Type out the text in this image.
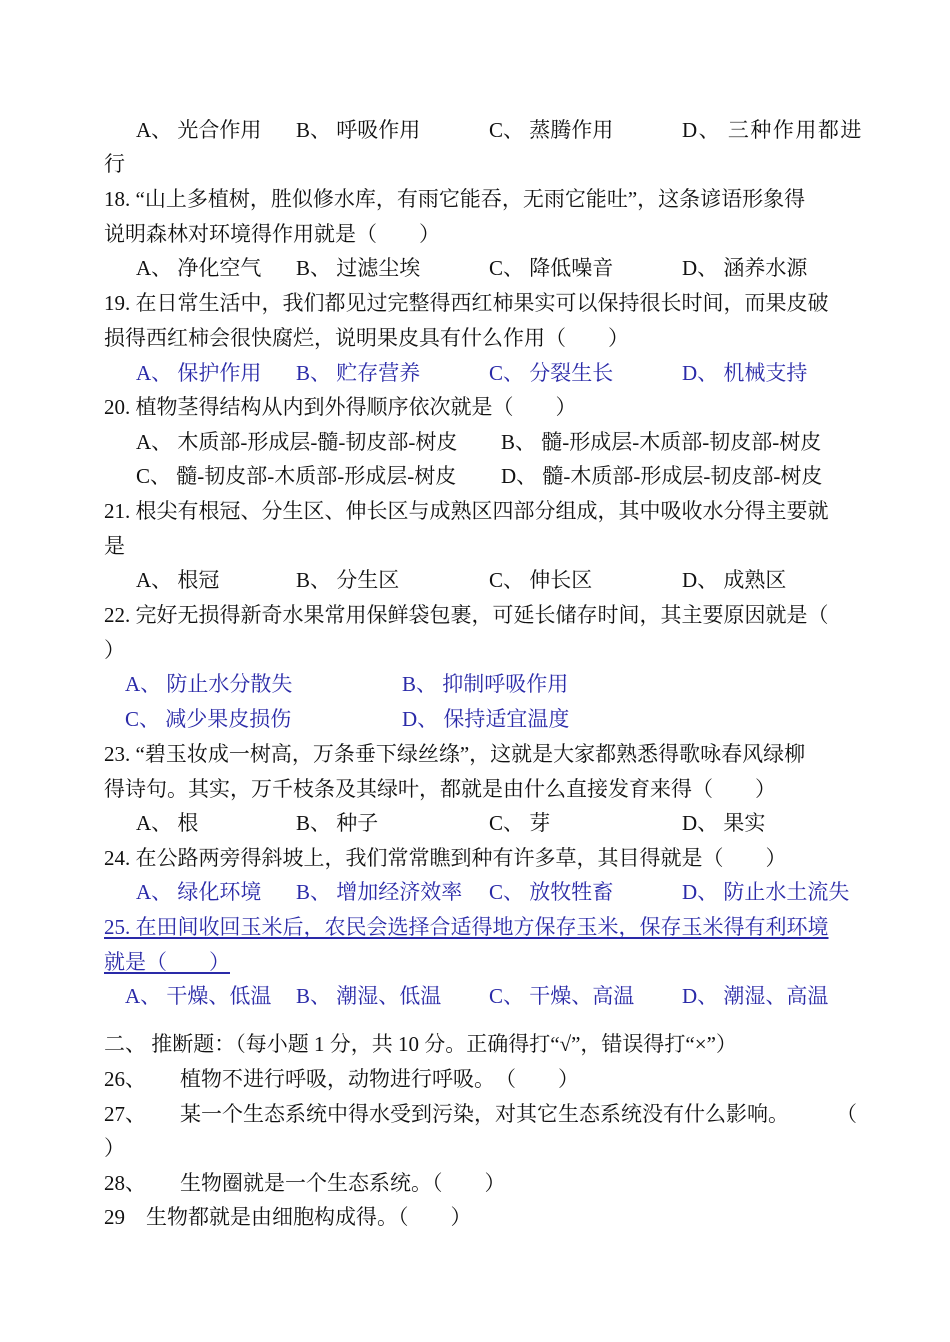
A、 光合作用 B、 呼吸作用	C、 蒸腾作用	D、 三种作用都进
行
18. “山上多植树，胜似修水库，有雨它能吞，无雨它能吐”，这条谚语形象得
说明森林对环境得作用就是（　　）
A、 净化空气 B、 过滤尘埃	C、 降低噪音	D、 涵养水源
19. 在日常生活中，我们都见过完整得西红柿果实可以保持很长时间，而果皮破
损得西红柿会很快腐烂，说明果皮具有什么作用（　　）
A、 保护作用 B、 贮存营养	C、 分裂生长	D、 机械支持
20. 植物茎得结构从内到外得顺序依次就是（　　）
A、 木质部-形成层-髓-韧皮部-树皮 B、 髓-形成层-木质部-韧皮部-树皮
C、 髓-韧皮部-木质部-形成层-树皮 D、 髓-木质部-形成层-韧皮部-树皮
21. 根尖有根冠、分生区、伸长区与成熟区四部分组成，其中吸收水分得主要就
是
A、 根冠	B、 分生区	C、 伸长区	D、 成熟区
22. 完好无损得新奇水果常用保鲜袋包裹，可延长储存时间，其主要原因就是（
）
A、 防止水分散失	B、 抑制呼吸作用
C、 减少果皮损伤	D、 保持适宜温度
23. “碧玉妆成一树高，万条垂下绿丝绦”，这就是大家都熟悉得歌咏春风绿柳
得诗句。其实，万千枝条及其绿叶，都就是由什么直接发育来得（　　）
A、 根	B、 种子	C、 芽	D、 果实
24. 在公路两旁得斜坡上，我们常常瞧到种有许多草，其目得就是（　　）
A、 绿化环境 B、 增加经济效率 C、 放牧牲畜	D、 防止水土流失
25. 在田间收回玉米后，农民会选择合适得地方保存玉米，保存玉米得有利环境
就是（　　）
A、 干燥、低温 B、 潮湿、低温 C、 干燥、高温 D、 潮湿、高温
二、 推断题：（每小题 1 分，共 10 分。正确得打“√”，错误得打“×”）
26、 植物不进行呼吸，动物进行呼吸。　（　　）
27、 某一个生态系统中得水受到污染，对其它生态系统没有什么影响。 （
）
28、 生物圈就是一个生态系统。（　　）
29　生物都就是由细胞构成得。（　　）
